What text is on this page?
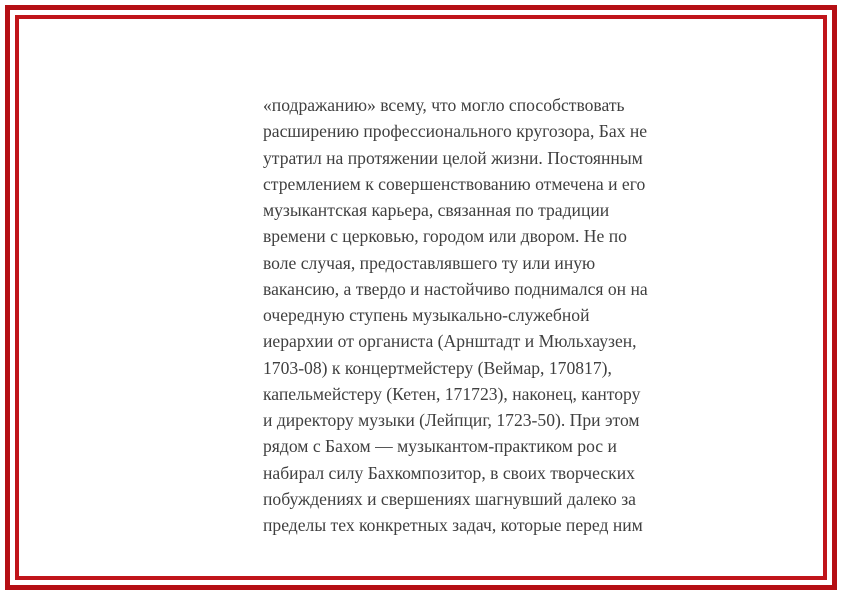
«подражанию» всему, что могло способствовать
расширению профессионального кругозора, Бах не
утратил на протяжении целой жизни. Постоянным
стремлением к совершенствованию отмечена и его
музыкантская карьера, связанная по традиции
времени с церковью, городом или двором. Не по
воле случая, предоставлявшего ту или иную
вакансию, а твердо и настойчиво поднимался он на
очередную ступень музыкально-служебной
иерархии от органиста (Арнштадт и Мюльхаузен,
1703-08) к концертмейстеру (Веймар, 170817),
капельмейстеру (Кетен, 171723), наконец, кантору
и директору музыки (Лейпциг, 1723-50). При этом
рядом с Бахом — музыкантом-практиком рос и
набирал силу Бахкомпозитор, в своих творческих
побуждениях и свершениях шагнувший далеко за
пределы тех конкретных задач, которые перед ним
